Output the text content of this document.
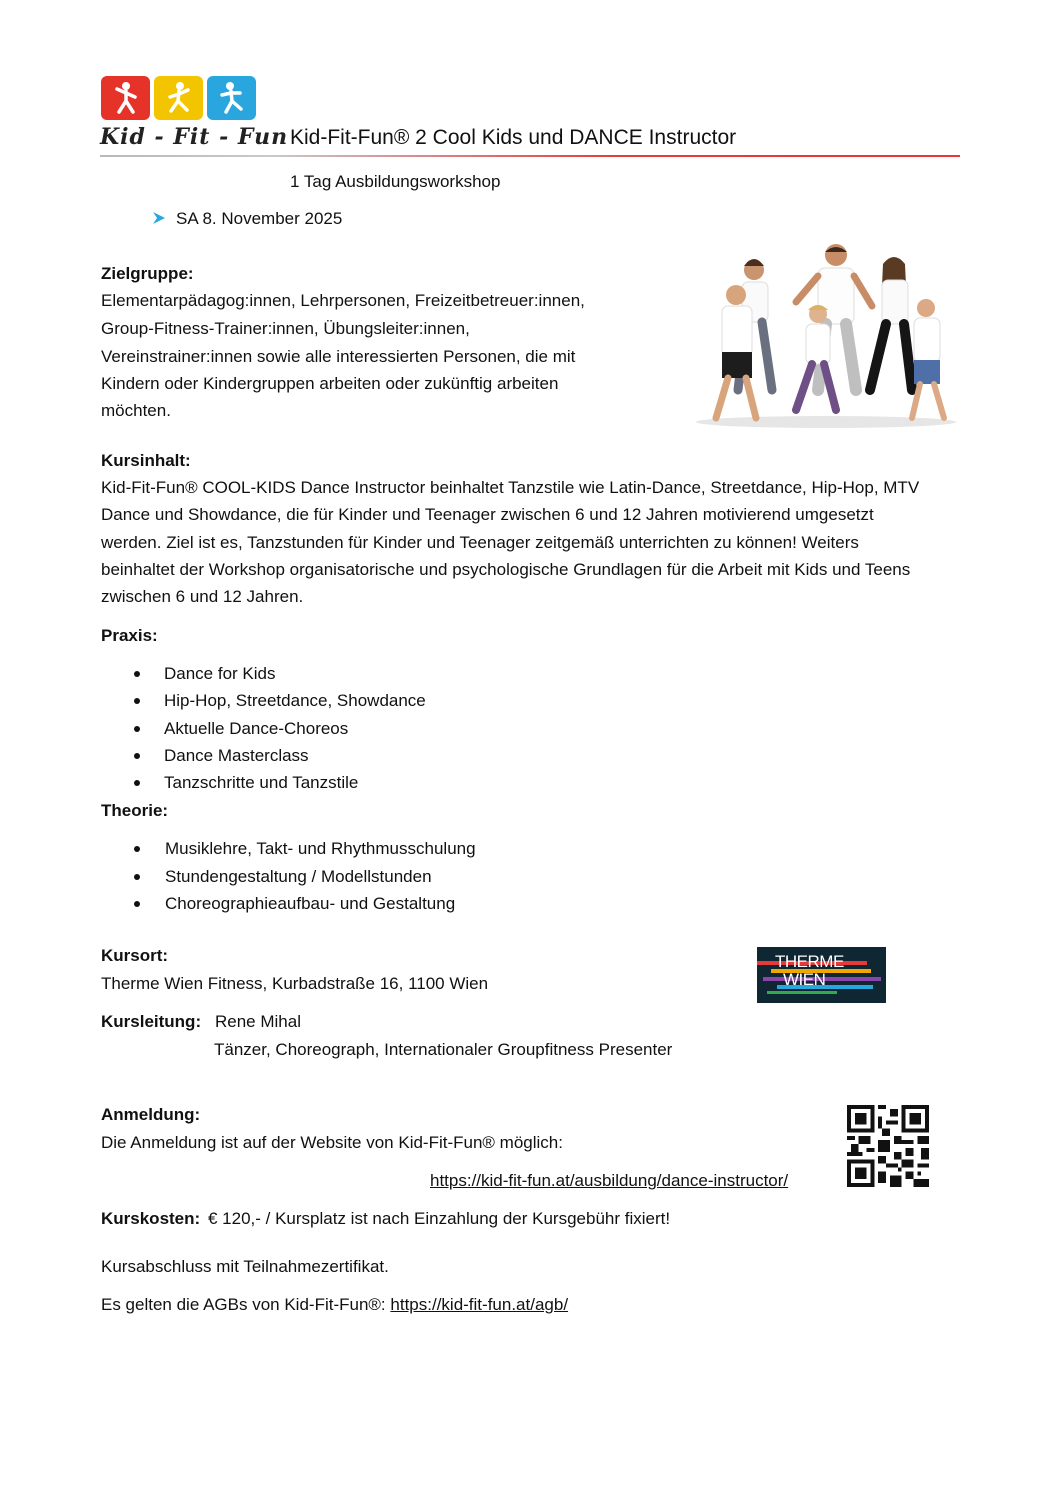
Kid - Fit - Fun Kid-Fit-Fun® 2 Cool Kids und DANCE Instructor
1 Tag Ausbildungsworkshop
SA 8. November 2025
Zielgruppe:
Elementarpädagog:innen, Lehrpersonen, Freizeitbetreuer:innen,
Group-Fitness-Trainer:innen, Übungsleiter:innen,
Vereinstrainer:innen sowie alle interessierten Personen, die mit
Kindern oder Kindergruppen arbeiten oder zukünftig arbeiten
möchten.
Kursinhalt:
Kid-Fit-Fun® COOL-KIDS Dance Instructor beinhaltet Tanzstile wie Latin-Dance, Streetdance, Hip-Hop, MTV
Dance und Showdance, die für Kinder und Teenager zwischen 6 und 12 Jahren motivierend umgesetzt
werden. Ziel ist es, Tanzstunden für Kinder und Teenager zeitgemäß unterrichten zu können! Weiters
beinhaltet der Workshop organisatorische und psychologische Grundlagen für die Arbeit mit Kids und Teens
zwischen 6 und 12 Jahren.
Praxis:
Dance for Kids
Hip-Hop, Streetdance, Showdance
Aktuelle Dance-Choreos
Dance Masterclass
Tanzschritte und Tanzstile
Theorie:
Musiklehre, Takt- und Rhythmusschulung
Stundengestaltung / Modellstunden
Choreographieaufbau- und Gestaltung
Kursort:
Therme Wien Fitness, Kurbadstraße 16, 1100 Wien
THERME
WIEN
Kursleitung: Rene Mihal
Tänzer, Choreograph, Internationaler Groupfitness Presenter
Anmeldung:
Die Anmeldung ist auf der Website von Kid-Fit-Fun® möglich:
https://kid-fit-fun.at/ausbildung/dance-instructor/
Kurskosten: € 120,- / Kursplatz ist nach Einzahlung der Kursgebühr fixiert!
Kursabschluss mit Teilnahmezertifikat.
Es gelten die AGBs von Kid-Fit-Fun®: https://kid-fit-fun.at/agb/
